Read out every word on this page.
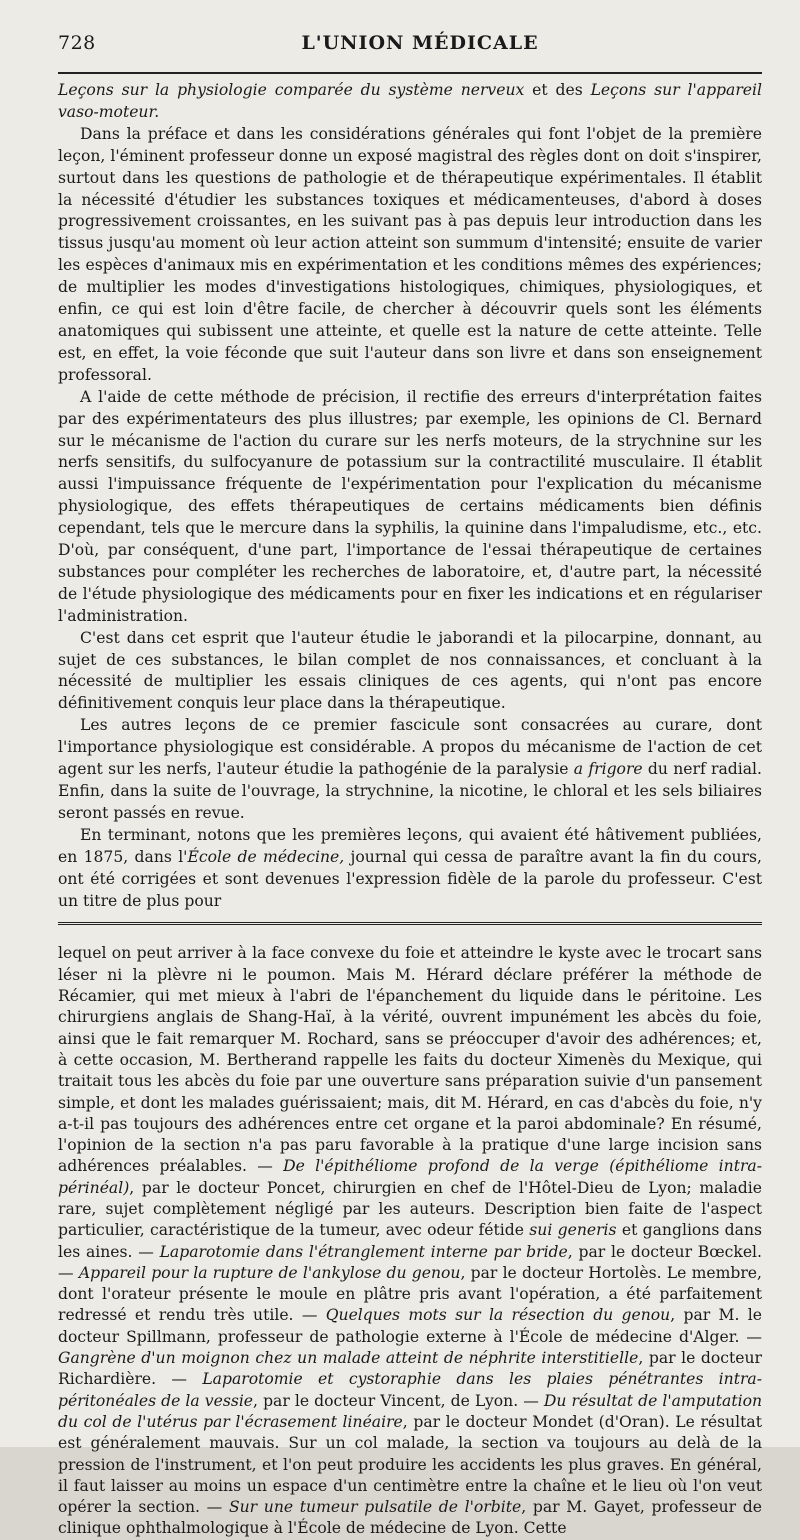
728	L'UNION MÉDICALE

Leçons sur la physiologie comparée du système nerveux et des Leçons sur l'appareil vaso-moteur.

Dans la préface et dans les considérations générales qui font l'objet de la première leçon, l'éminent professeur donne un exposé magistral des règles dont on doit s'inspirer, surtout dans les questions de pathologie et de thérapeutique expérimentales. Il établit la nécessité d'étudier les substances toxiques et médicamenteuses, d'abord à doses progressivement croissantes, en les suivant pas à pas depuis leur introduction dans les tissus jusqu'au moment où leur action atteint son summum d'intensité; ensuite de varier les espèces d'animaux mis en expérimentation et les conditions mêmes des expériences; de multiplier les modes d'investigations histologiques, chimiques, physiologiques, et enfin, ce qui est loin d'être facile, de chercher à découvrir quels sont les éléments anatomiques qui subissent une atteinte, et quelle est la nature de cette atteinte. Telle est, en effet, la voie féconde que suit l'auteur dans son livre et dans son enseignement professoral.

A l'aide de cette méthode de précision, il rectifie des erreurs d'interprétation faites par des expérimentateurs des plus illustres; par exemple, les opinions de Cl. Bernard sur le mécanisme de l'action du curare sur les nerfs moteurs, de la strychnine sur les nerfs sensitifs, du sulfocyanure de potassium sur la contractilité musculaire. Il établit aussi l'impuissance fréquente de l'expérimentation pour l'explication du mécanisme physiologique, des effets thérapeutiques de certains médicaments bien définis cependant, tels que le mercure dans la syphilis, la quinine dans l'impaludisme, etc., etc. D'où, par conséquent, d'une part, l'importance de l'essai thérapeutique de certaines substances pour compléter les recherches de laboratoire, et, d'autre part, la nécessité de l'étude physiologique des médicaments pour en fixer les indications et en régulariser l'administration.

C'est dans cet esprit que l'auteur étudie le jaborandi et la pilocarpine, donnant, au sujet de ces substances, le bilan complet de nos connaissances, et concluant à la nécessité de multiplier les essais cliniques de ces agents, qui n'ont pas encore définitivement conquis leur place dans la thérapeutique.

Les autres leçons de ce premier fascicule sont consacrées au curare, dont l'importance physiologique est considérable. A propos du mécanisme de l'action de cet agent sur les nerfs, l'auteur étudie la pathogénie de la paralysie a frigore du nerf radial. Enfin, dans la suite de l'ouvrage, la strychnine, la nicotine, le chloral et les sels biliaires seront passés en revue.

En terminant, notons que les premières leçons, qui avaient été hâtivement publiées, en 1875, dans l'École de médecine, journal qui cessa de paraître avant la fin du cours, ont été corrigées et sont devenues l'expression fidèle de la parole du professeur. C'est un titre de plus pour

lequel on peut arriver à la face convexe du foie et atteindre le kyste avec le trocart sans léser ni la plèvre ni le poumon. Mais M. Hérard déclare préférer la méthode de Récamier, qui met mieux à l'abri de l'épanchement du liquide dans le péritoine. Les chirurgiens anglais de Shang-Haï, à la vérité, ouvrent impunément les abcès du foie, ainsi que le fait remarquer M. Rochard, sans se préoccuper d'avoir des adhérences; et, à cette occasion, M. Bertherand rappelle les faits du docteur Ximenès du Mexique, qui traitait tous les abcès du foie par une ouverture sans préparation suivie d'un pansement simple, et dont les malades guérissaient; mais, dit M. Hérard, en cas d'abcès du foie, n'y a-t-il pas toujours des adhérences entre cet organe et la paroi abdominale? En résumé, l'opinion de la section n'a pas paru favorable à la pratique d'une large incision sans adhérences préalables. — De l'épithéliome profond de la verge (épithéliome intra-périnéal), par le docteur Poncet, chirurgien en chef de l'Hôtel-Dieu de Lyon; maladie rare, sujet complètement négligé par les auteurs. Description bien faite de l'aspect particulier, caractéristique de la tumeur, avec odeur fétide sui generis et ganglions dans les aines. — Laparotomie dans l'étranglement interne par bride, par le docteur Bœckel. — Appareil pour la rupture de l'ankylose du genou, par le docteur Hortolès. Le membre, dont l'orateur présente le moule en plâtre pris avant l'opération, a été parfaitement redressé et rendu très utile. — Quelques mots sur la résection du genou, par M. le docteur Spillmann, professeur de pathologie externe à l'École de médecine d'Alger. — Gangrène d'un moignon chez un malade atteint de néphrite interstitielle, par le docteur Richardière. — Laparotomie et cystoraphie dans les plaies pénétrantes intra-péritonéales de la vessie, par le docteur Vincent, de Lyon. — Du résultat de l'amputation du col de l'utérus par l'écrasement linéaire, par le docteur Mondet (d'Oran). Le résultat est généralement mauvais. Sur un col malade, la section va toujours au delà de la pression de l'instrument, et l'on peut produire les accidents les plus graves. En général, il faut laisser au moins un espace d'un centimètre entre la chaîne et le lieu où l'on veut opérer la section. — Sur une tumeur pulsatile de l'orbite, par M. Gayet, professeur de clinique ophthalmologique à l'École de médecine de Lyon. Cette
